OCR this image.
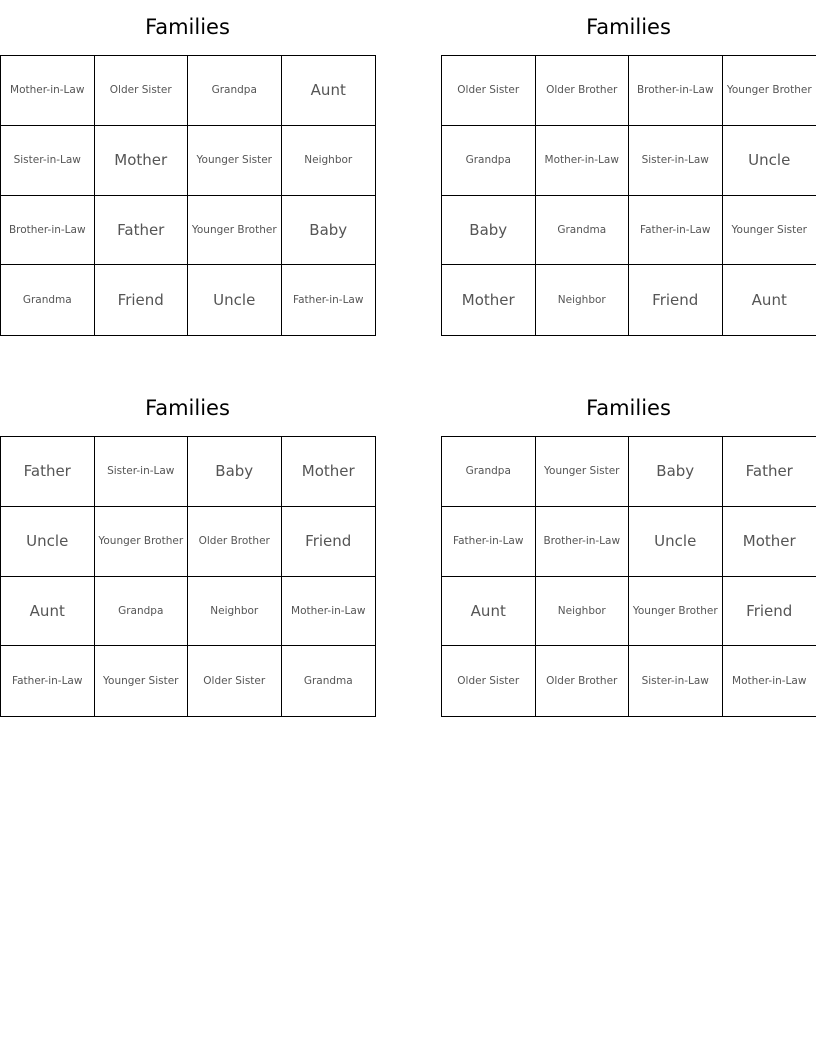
Families
Mother-in-Law	Older Sister	Grandpa	Aunt
Sister-in-Law	Mother	Younger Sister	Neighbor
Brother-in-Law	Father	Younger Brother	Baby
Grandma	Friend	Uncle	Father-in-Law
Families
Older Sister	Older Brother	Brother-in-Law	Younger Brother
Grandpa	Mother-in-Law	Sister-in-Law	Uncle
Baby	Grandma	Father-in-Law	Younger Sister
Mother	Neighbor	Friend	Aunt
Families
Father	Sister-in-Law	Baby	Mother
Uncle	Younger Brother	Older Brother	Friend
Aunt	Grandpa	Neighbor	Mother-in-Law
Father-in-Law	Younger Sister	Older Sister	Grandma
Families
Grandpa	Younger Sister	Baby	Father
Father-in-Law	Brother-in-Law	Uncle	Mother
Aunt	Neighbor	Younger Brother	Friend
Older Sister	Older Brother	Sister-in-Law	Mother-in-Law
